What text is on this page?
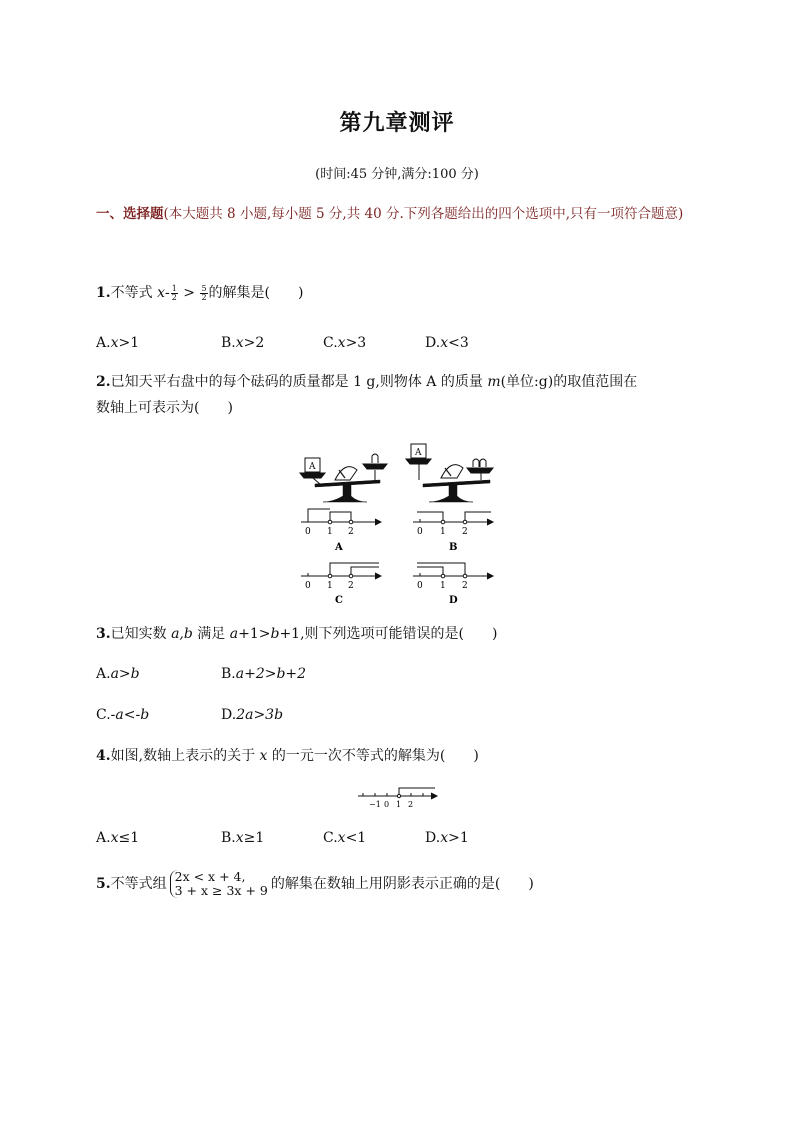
第九章测评
(时间:45 分钟,满分:100 分)
一、选择题(本大题共 8 小题,每小题 5 分,共 40 分.下列各题给出的四个选项中,只有一项符合题意)
1.不等式 $x- \frac{1}{2} > \frac{5}{2}$ 的解集是(　　)
A.x>1	B.x>2	C.x>3	D.x<3
2.已知天平右盘中的每个砝码的质量都是 1 g,则物体 A 的质量 m(单位:g)的取值范围在
数轴上可表示为(　　)
A
A
0 1 2
A
0 1 2
B
0 1 2
C
0 1 2
D
3.已知实数 a,b 满足 a+1>b+1,则下列选项可能错误的是(　　)
A.a>b	B.a+2>b+2
C.-a<-b	D.2a>3b
4.如图,数轴上表示的关于 x 的一元一次不等式的解集为(　　)
−1 0 1 2
A.x≤1	B.x≥1	C.x<1	D.x>1
5.不等式组 2x < x + 4,
3 + x ≥ 3x + 9 的解集在数轴上用阴影表示正确的是(　　)
